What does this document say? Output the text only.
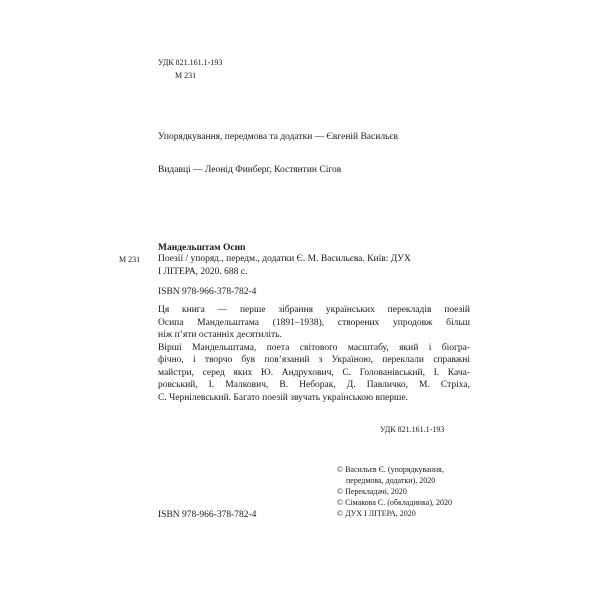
УДК 821.161.1-193
М 231
Упорядкування, передмова та додатки — Євгеній Васильєв
Видавці — Леонід Финберг, Костянтин Сігов
Мандельштам Осип
М 231 Поезії / упоряд., передм., додатки Є. М. Васильєва. Київ: ДУХ
І ЛІТЕРА, 2020. 688 с.
ISBN 978-966-378-782-4
Ця книга — перше зібрання українських перекладів поезій
Осипа Мандельштама (1891–1938), створених упродовж більш
ніж п’яти останніх десятиліть.
Вірші Мандельштама, поета світового масштабу, який і біогра-
фічно, і творчо був пов’язаний з Україною, переклали справжні
майстри, серед яких Ю. Андрухович, С. Голованівський, І. Кача-
ровський, І. Малкович, В. Неборак, Д. Павличко, М. Стріха,
С. Чернілевський. Багато поезій звучать українською вперше.
УДК 821.161.1-193
© Васильєв Є. (упорядкування,
передмова, додатки), 2020
© Перекладачі, 2020
© Сімакова С. (обкладинка), 2020
© ДУХ І ЛІТЕРА, 2020
ISBN 978-966-378-782-4
